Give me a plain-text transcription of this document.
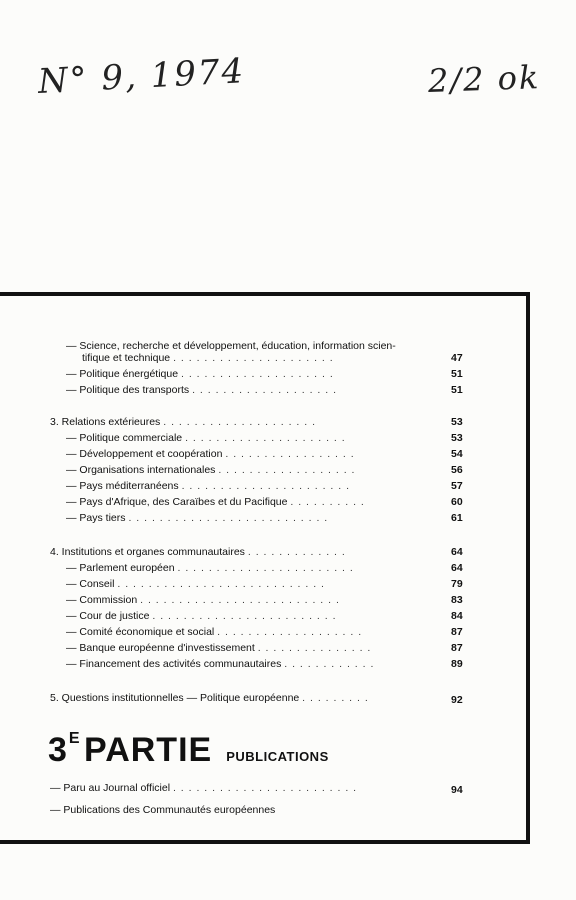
N° 9, 1974	2/2 ok
— Science, recherche et développement, éducation, information scien-
tifique et technique . . . . . . . . . . . . . . . . . . . . .	47
— Politique énergétique . . . . . . . . . . . . . . . . . . . .	51
— Politique des transports . . . . . . . . . . . . . . . . . . .	51
3. Relations extérieures . . . . . . . . . . . . . . . . . . . .	53
— Politique commerciale . . . . . . . . . . . . . . . . . . . . .	53
— Développement et coopération . . . . . . . . . . . . . . . . .	54
— Organisations internationales . . . . . . . . . . . . . . . . . .	56
— Pays méditerranéens . . . . . . . . . . . . . . . . . . . . . .	57
— Pays d'Afrique, des Caraïbes et du Pacifique . . . . . . . . . .	60
— Pays tiers . . . . . . . . . . . . . . . . . . . . . . . . . .	61
4. Institutions et organes communautaires . . . . . . . . . . . . .	64
— Parlement européen . . . . . . . . . . . . . . . . . . . . . . .	64
— Conseil . . . . . . . . . . . . . . . . . . . . . . . . . . .	79
— Commission . . . . . . . . . . . . . . . . . . . . . . . . . .	83
— Cour de justice . . . . . . . . . . . . . . . . . . . . . . . .	84
— Comité économique et social . . . . . . . . . . . . . . . . . . .	87
— Banque européenne d'investissement . . . . . . . . . . . . . . .	87
— Financement des activités communautaires . . . . . . . . . . . .	89
5. Questions institutionnelles — Politique européenne . . . . . . . . .	92
— Paru au Journal officiel . . . . . . . . . . . . . . . . . . . . . . . .	94
— Publications des Communautés européennes
3E PARTIE PUBLICATIONS
